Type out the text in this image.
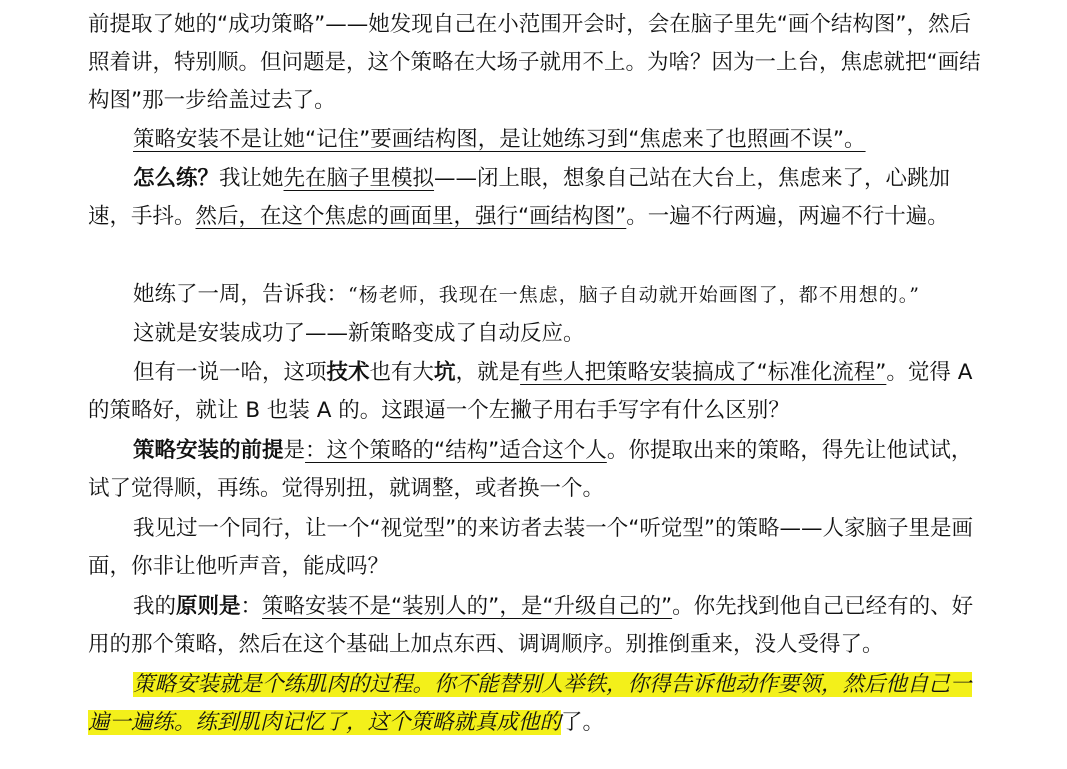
前提取了她的“成功策略”——她发现自己在小范围开会时，会在脑子里先“画个结构图”，然后照着讲，特别顺。但问题是，这个策略在大场子就用不上。为啥？因为一上台，焦虑就把“画结构图”那一步给盖过去了。

策略安装不是让她“记住”要画结构图，是让她练习到“焦虑来了也照画不误”。

怎么练？我让她先在脑子里模拟——闭上眼，想象自己站在大台上，焦虑来了，心跳加速，手抖。然后，在这个焦虑的画面里，强行“画结构图”。一遍不行两遍，两遍不行十遍。

她练了一周，告诉我：“杨老师，我现在一焦虑，脑子自动就开始画图了，都不用想的。”

这就是安装成功了——新策略变成了自动反应。

但有一说一哈，这项技术也有大坑，就是有些人把策略安装搞成了“标准化流程”。觉得 A 的策略好，就让 B 也装 A 的。这跟逼一个左撇子用右手写字有什么区别？

策略安装的前提是：这个策略的“结构”适合这个人。你提取出来的策略，得先让他试试，试了觉得顺，再练。觉得别扭，就调整，或者换一个。

我见过一个同行，让一个“视觉型”的来访者去装一个“听觉型”的策略——人家脑子里是画面，你非让他听声音，能成吗？

我的原则是：策略安装不是“装别人的”，是“升级自己的”。你先找到他自己已经有的、好用的那个策略，然后在这个基础上加点东西、调调顺序。别推倒重来，没人受得了。

策略安装就是个练肌肉的过程。你不能替别人举铁，你得告诉他动作要领，然后他自己一遍一遍练。练到肌肉记忆了，这个策略就真成他的了。
